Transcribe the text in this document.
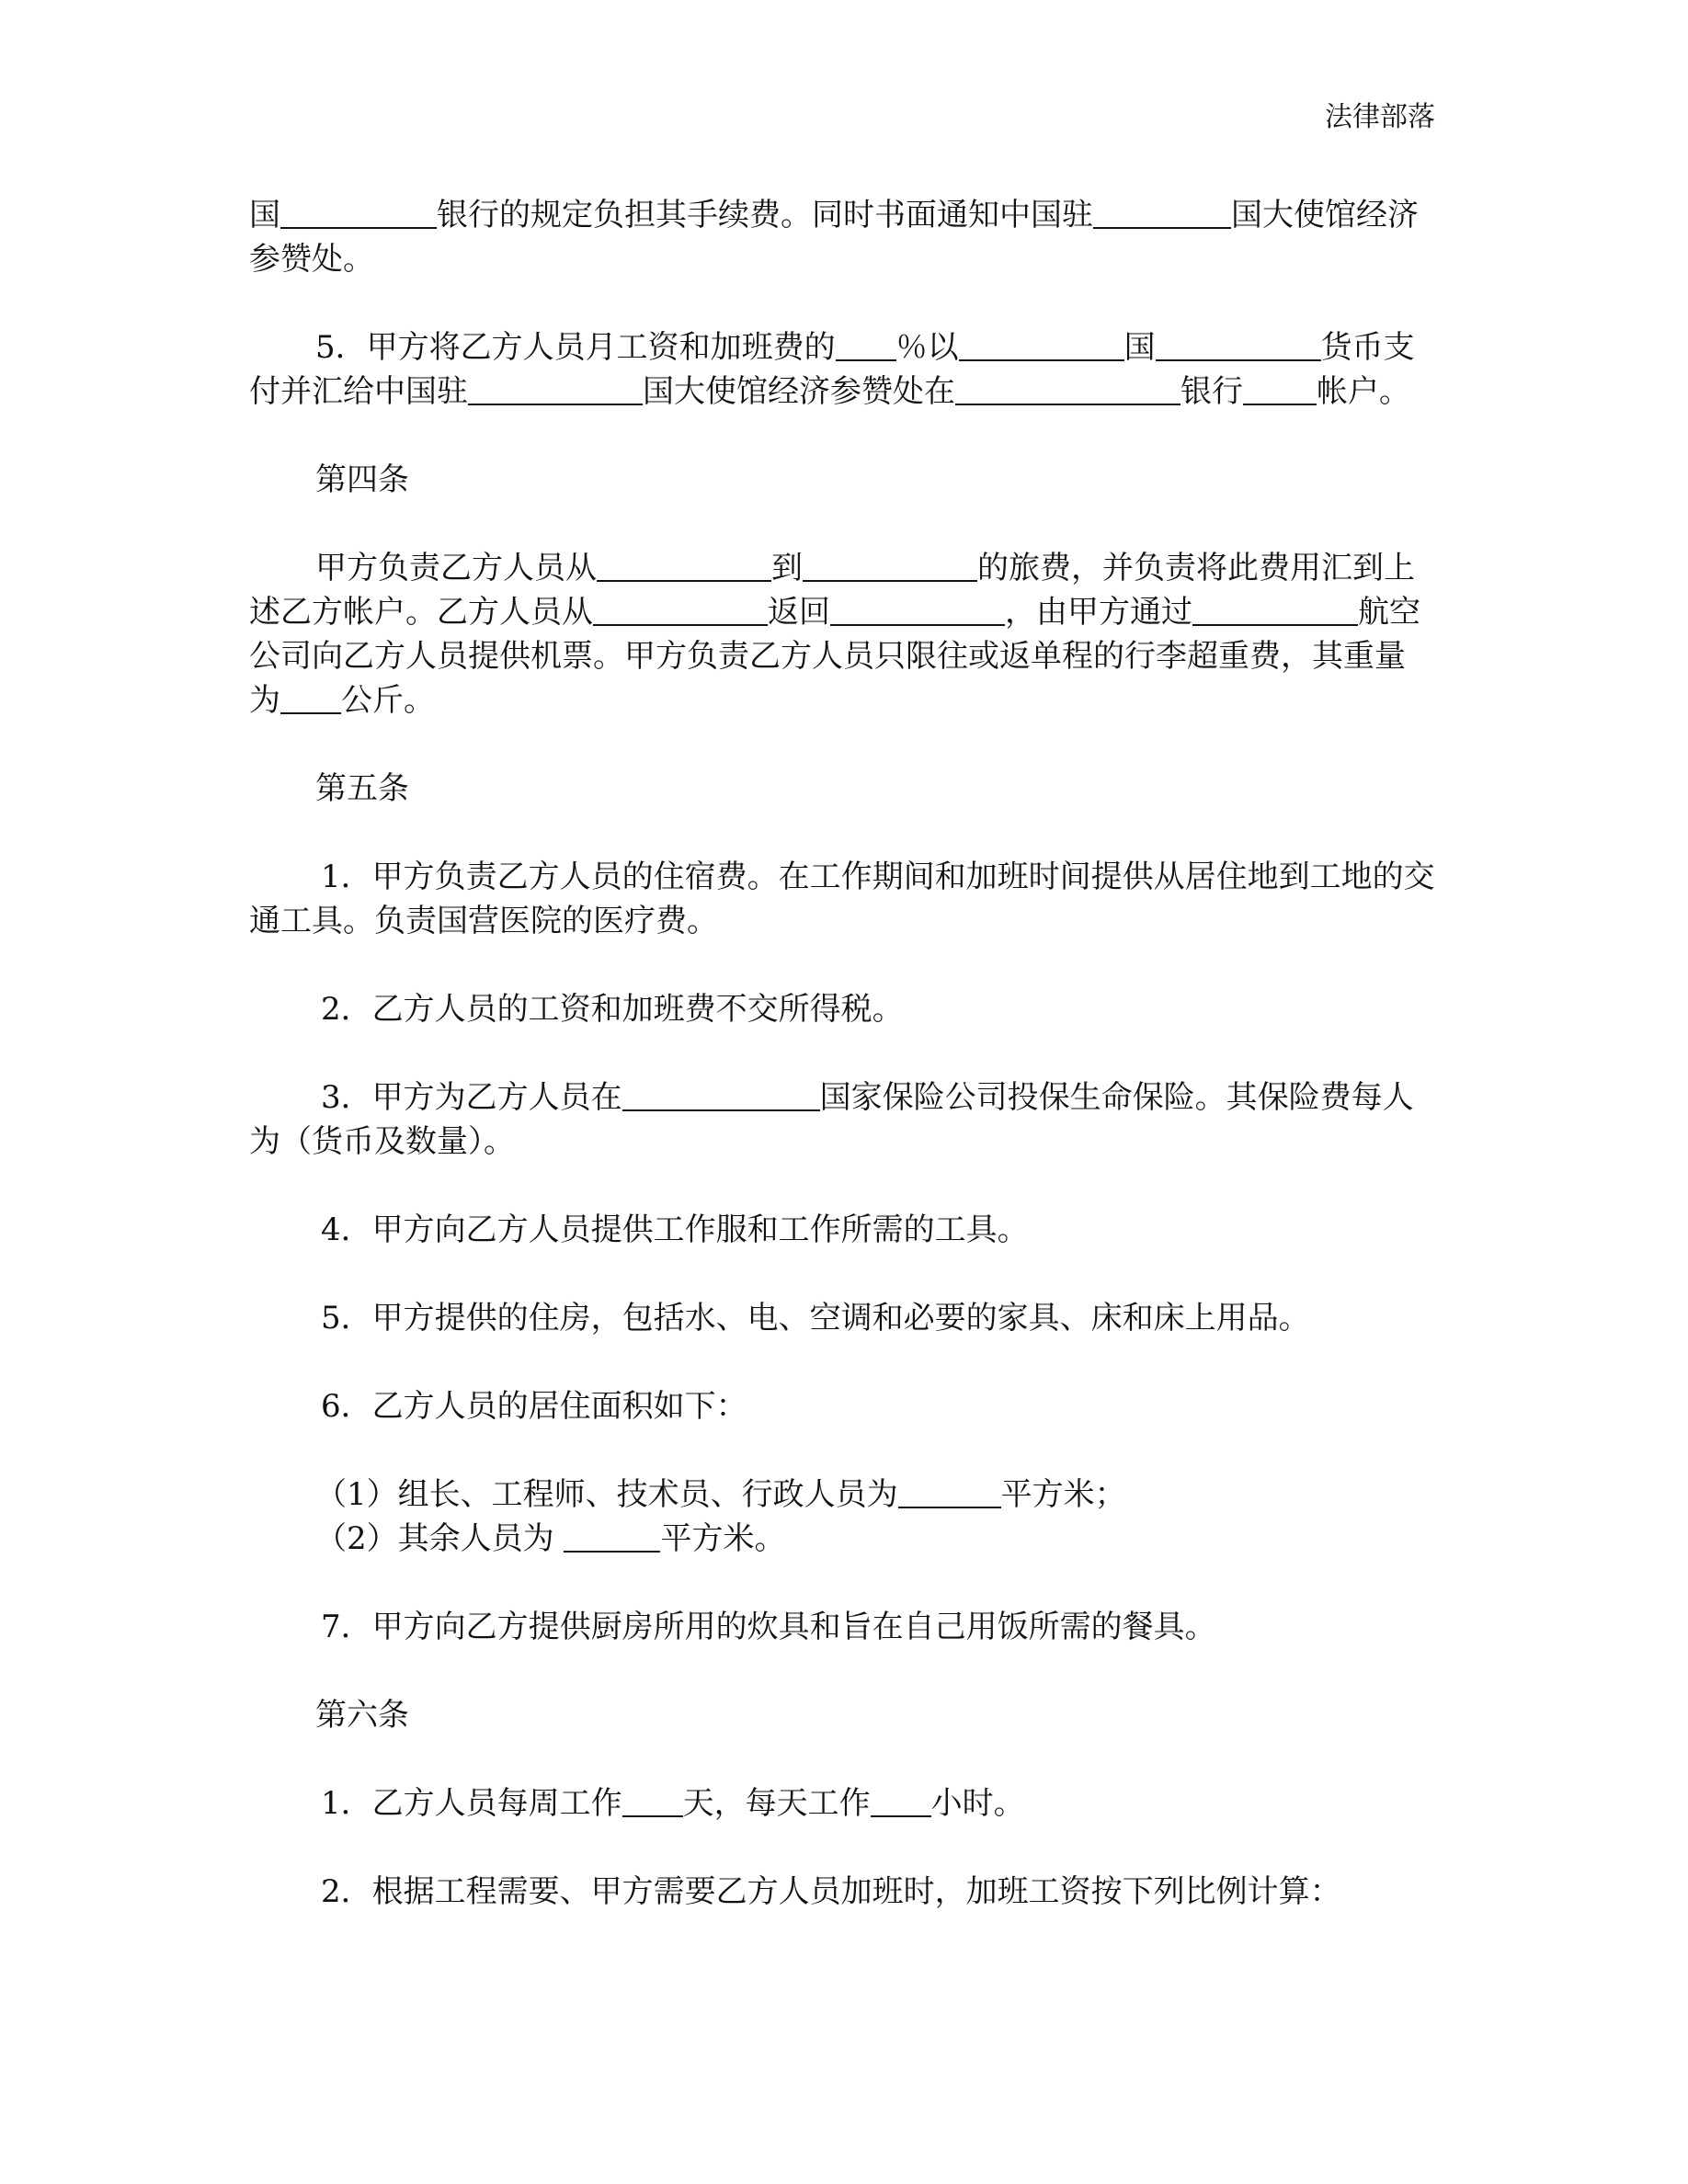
法律部落

国	银行的规定负担其手续费。同时书面通知中国驻	国大使馆经济参赞处。

5．甲方将乙方人员月工资和加班费的 ％以	国	货币支付并汇给中国驻	国大使馆经济参赞处在	银行 帐户。

第四条

甲方负责乙方人员从	到	的旅费，并负责将此费用汇到上述乙方帐户。乙方人员从	返回	，由甲方通过	航空公司向乙方人员提供机票。甲方负责乙方人员只限往或返单程的行李超重费，其重量为 公斤。

第五条

1．甲方负责乙方人员的住宿费。在工作期间和加班时间提供从居住地到工地的交通工具。负责国营医院的医疗费。

2．乙方人员的工资和加班费不交所得税。

3．甲方为乙方人员在	国家保险公司投保生命保险。其保险费每人为（货币及数量）。

4．甲方向乙方人员提供工作服和工作所需的工具。

5．甲方提供的住房，包括水、电、空调和必要的家具、床和床上用品。

6．乙方人员的居住面积如下：

（1）组长、工程师、技术员、行政人员为	平方米；

（2）其余人员为	平方米。

7．甲方向乙方提供厨房所用的炊具和旨在自己用饭所需的餐具。

第六条

1．乙方人员每周工作 天，每天工作 小时。

2．根据工程需要、甲方需要乙方人员加班时，加班工资按下列比例计算：
